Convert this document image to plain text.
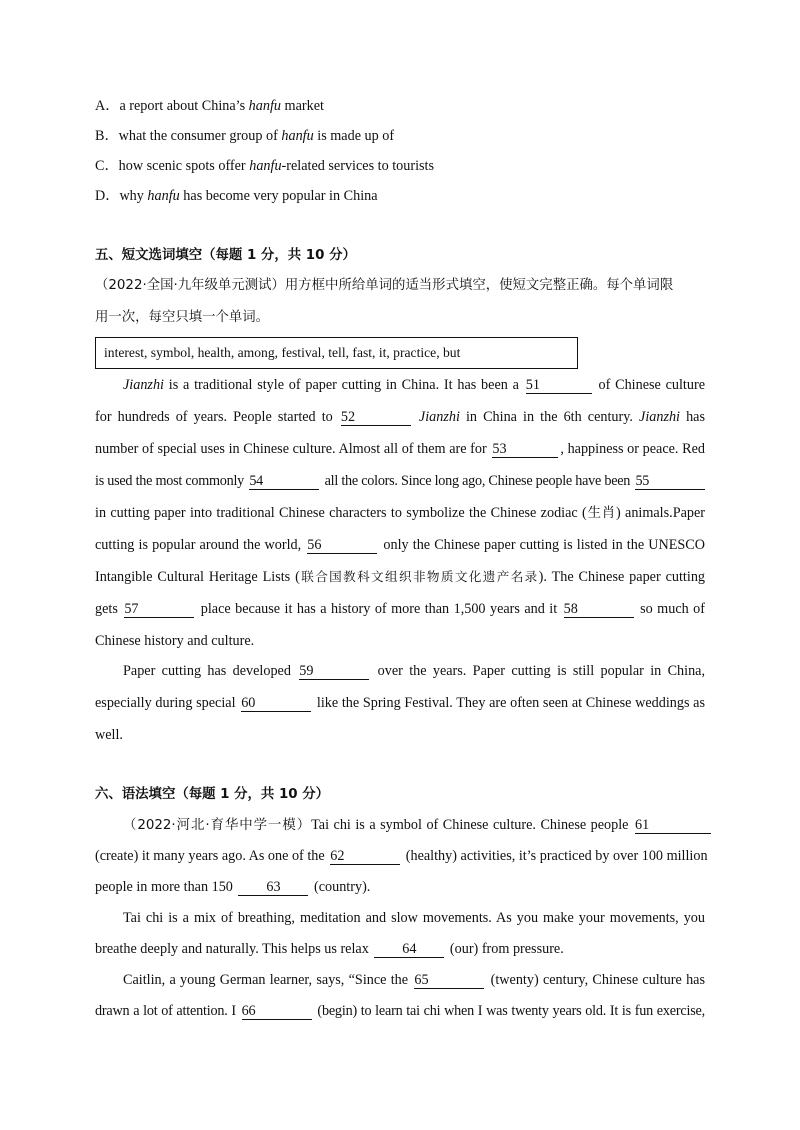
A．a report about China’s hanfu market
B．what the consumer group of hanfu is made up of
C．how scenic spots offer hanfu-related services to tourists
D．why hanfu has become very popular in China
五、短文选词填空（每题 1 分，共 10 分）
（2022·全国·九年级单元测试）用方框中所给单词的适当形式填空，使短文完整正确。每个单词限
用一次，每空只填一个单词。
interest, symbol, health, among, festival, tell, fast, it, practice, but
Jianzhi is a traditional style of paper cutting in China. It has been a 51	of Chinese culture
for hundreds of years. People started to 52	Jianzhi in China in the 6th century. Jianzhi has
number of special uses in Chinese culture. Almost all of them are for 53	, happiness or peace. Red
is used the most commonly 54	all the colors. Since long ago, Chinese people have been 55
in cutting paper into traditional Chinese characters to symbolize the Chinese zodiac (生肖) animals.Paper
cutting is popular around the world, 56	only the Chinese paper cutting is listed in the UNESCO
Intangible Cultural Heritage Lists (联合国教科文组织非物质文化遗产名录). The Chinese paper cutting
gets 57	place because it has a history of more than 1,500 years and it 58	so much of
Chinese history and culture.
Paper cutting has developed 59	over the years. Paper cutting is still popular in China,
especially during special 60	like the Spring Festival. They are often seen at Chinese weddings as
well.
六、语法填空（每题 1 分，共 10 分）
（2022·河北·育华中学一模）Tai chi is a symbol of Chinese culture. Chinese people 61
(create) it many years ago. As one of the 62	(healthy) activities, it’s practiced by over 100 million
people in more than 150 63 (country).
Tai chi is a mix of breathing, meditation and slow movements. As you make your movements, you
breathe deeply and naturally. This helps us relax 64 (our) from pressure.
Caitlin, a young German learner, says, “Since the 65	(twenty) century, Chinese culture has
drawn a lot of attention. I 66	(begin) to learn tai chi when I was twenty years old. It is fun exercise,
